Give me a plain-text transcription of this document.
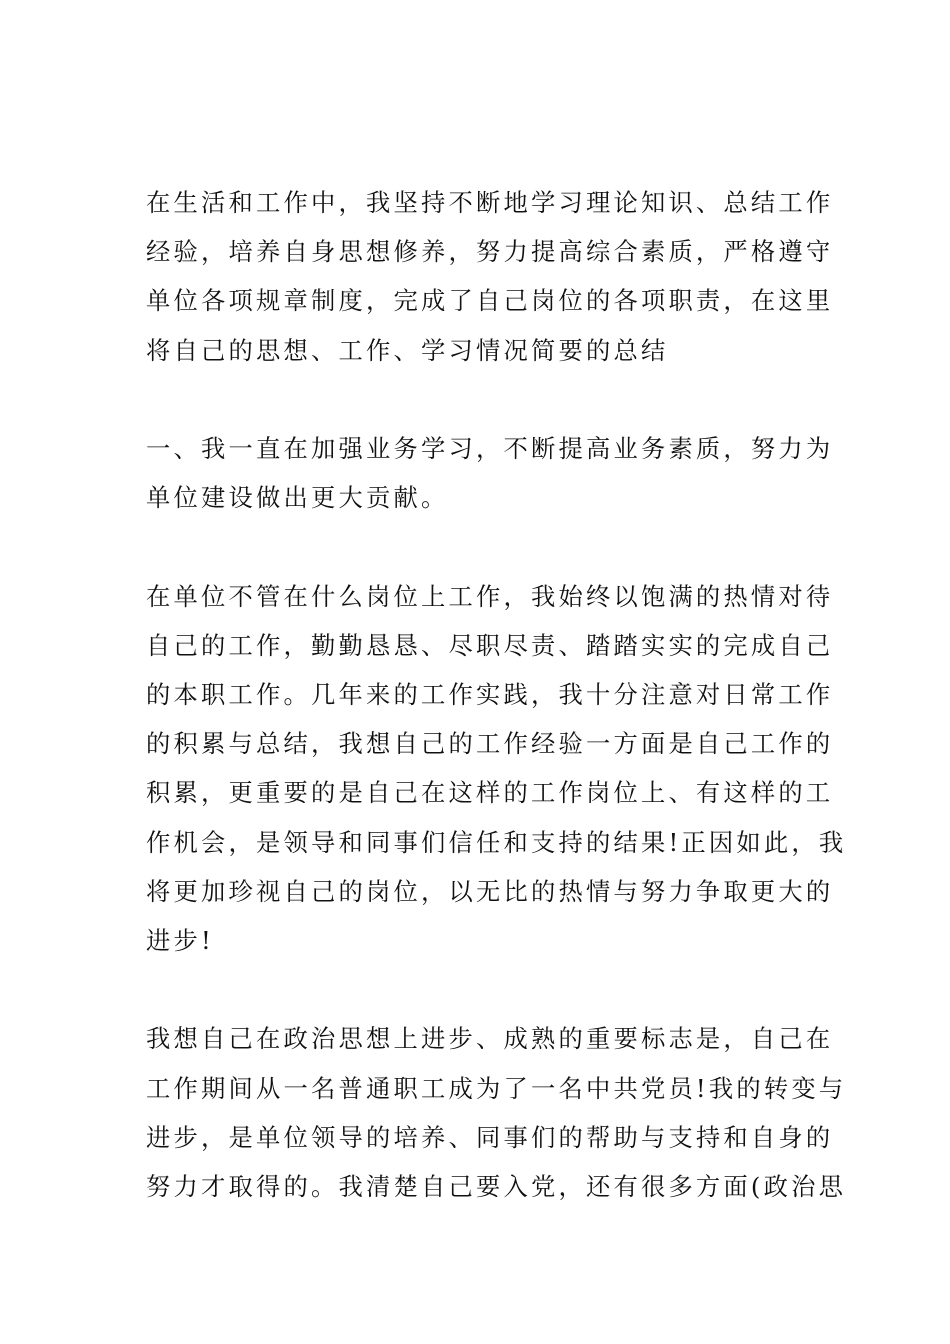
在生活和工作中，我坚持不断地学习理论知识、总结工作
经验，培养自身思想修养，努力提高综合素质，严格遵守
单位各项规章制度，完成了自己岗位的各项职责，在这里
将自己的思想、工作、学习情况简要的总结
一、我一直在加强业务学习，不断提高业务素质，努力为
单位建设做出更大贡献。
在单位不管在什么岗位上工作，我始终以饱满的热情对待
自己的工作，勤勤恳恳、尽职尽责、踏踏实实的完成自己
的本职工作。几年来的工作实践，我十分注意对日常工作
的积累与总结，我想自己的工作经验一方面是自己工作的
积累，更重要的是自己在这样的工作岗位上、有这样的工
作机会，是领导和同事们信任和支持的结果!正因如此，我
将更加珍视自己的岗位，以无比的热情与努力争取更大的
进步!
我想自己在政治思想上进步、成熟的重要标志是，自己在
工作期间从一名普通职工成为了一名中共党员!我的转变与
进步，是单位领导的培养、同事们的帮助与支持和自身的
努力才取得的。我清楚自己要入党，还有很多方面(政治思
